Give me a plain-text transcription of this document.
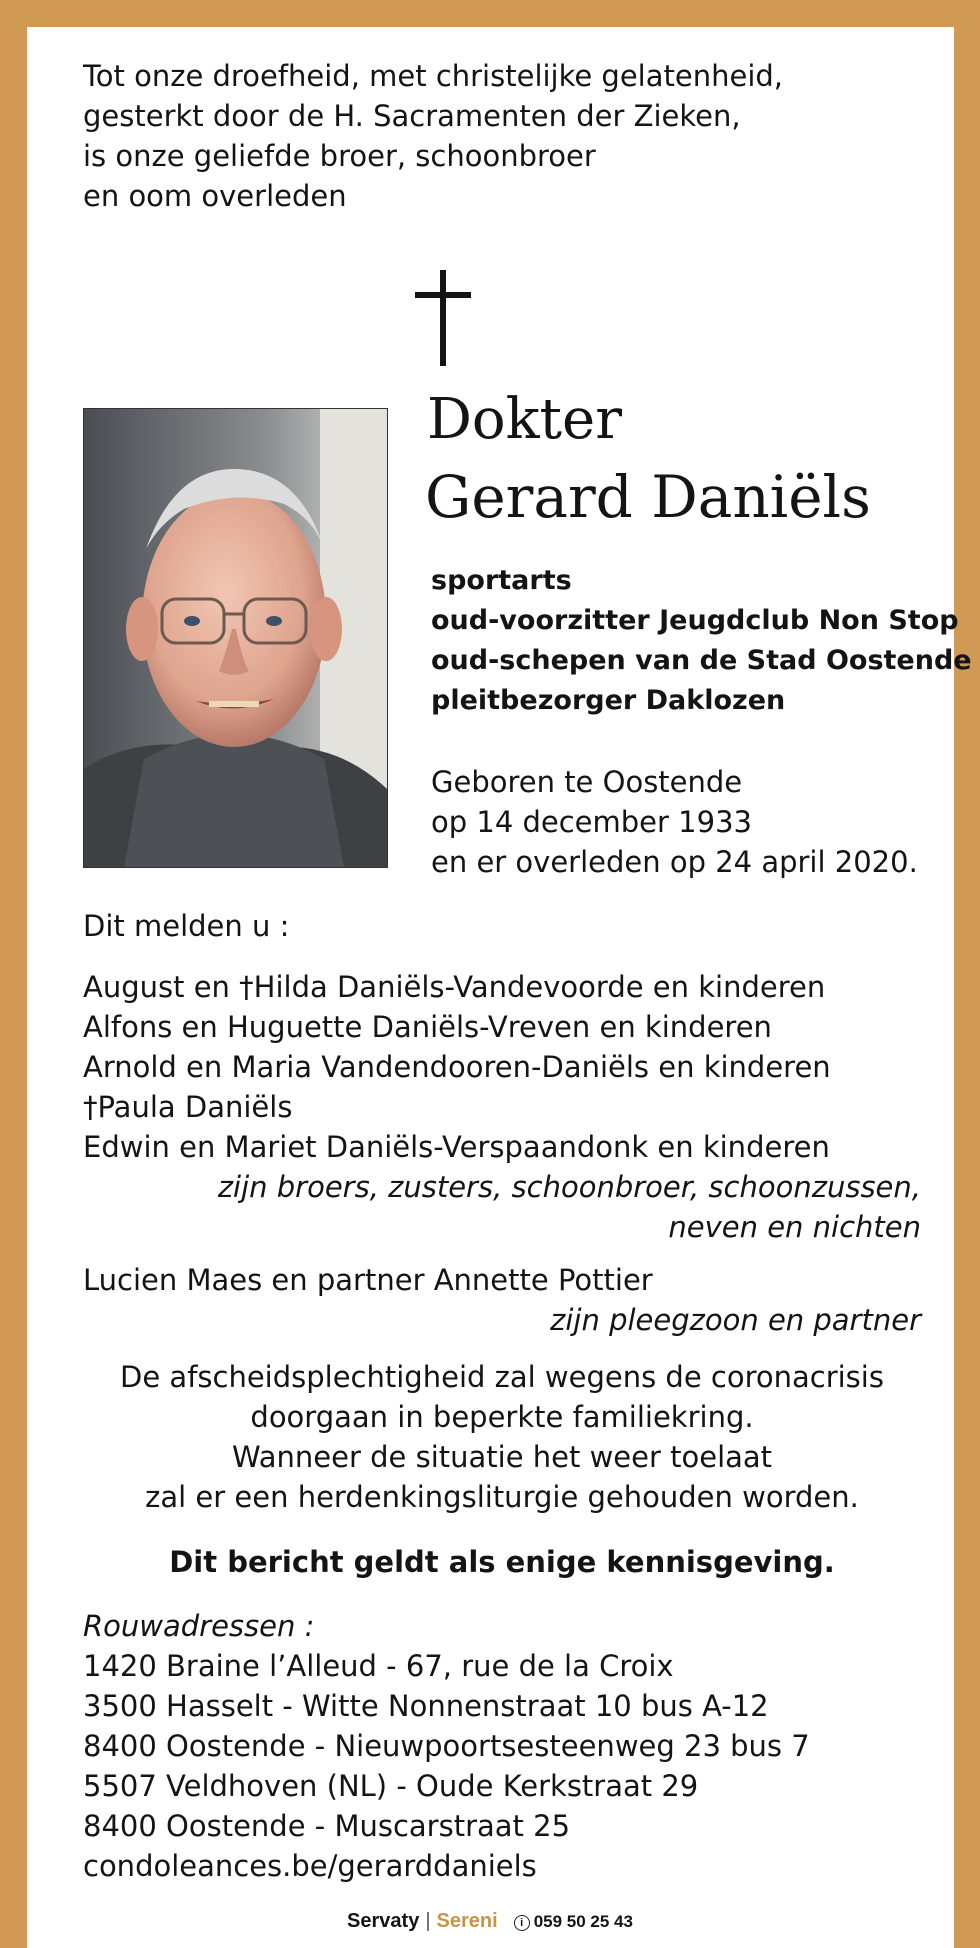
Tot onze droefheid, met christelijke gelatenheid,
gesterkt door de H. Sacramenten der Zieken,
is onze geliefde broer, schoonbroer
en oom overleden
Dokter
Gerard Daniëls
sportarts
oud-voorzitter Jeugdclub Non Stop
oud-schepen van de Stad Oostende
pleitbezorger Daklozen
Geboren te Oostende
op 14 december 1933
en er overleden op 24 april 2020.
Dit melden u :
August en †Hilda Daniëls-Vandevoorde en kinderen
Alfons en Huguette Daniëls-Vreven en kinderen
Arnold en Maria Vandendooren-Daniëls en kinderen
†Paula Daniëls
Edwin en Mariet Daniëls-Verspaandonk en kinderen
zijn broers, zusters, schoonbroer, schoonzussen,
neven en nichten
Lucien Maes en partner Annette Pottier
zijn pleegzoon en partner
De afscheidsplechtigheid zal wegens de coronacrisis
doorgaan in beperkte familiekring.
Wanneer de situatie het weer toelaat
zal er een herdenkingsliturgie gehouden worden.
Dit bericht geldt als enige kennisgeving.
Rouwadressen :
1420 Braine l’Alleud - 67, rue de la Croix
3500 Hasselt - Witte Nonnenstraat 10 bus A-12
8400 Oostende - Nieuwpoortsesteenweg 23 bus 7
5507 Veldhoven (NL) - Oude Kerkstraat 29
8400 Oostende - Muscarstraat 25
condoleances.be/gerarddaniels
Servaty | Sereni i 059 50 25 43
